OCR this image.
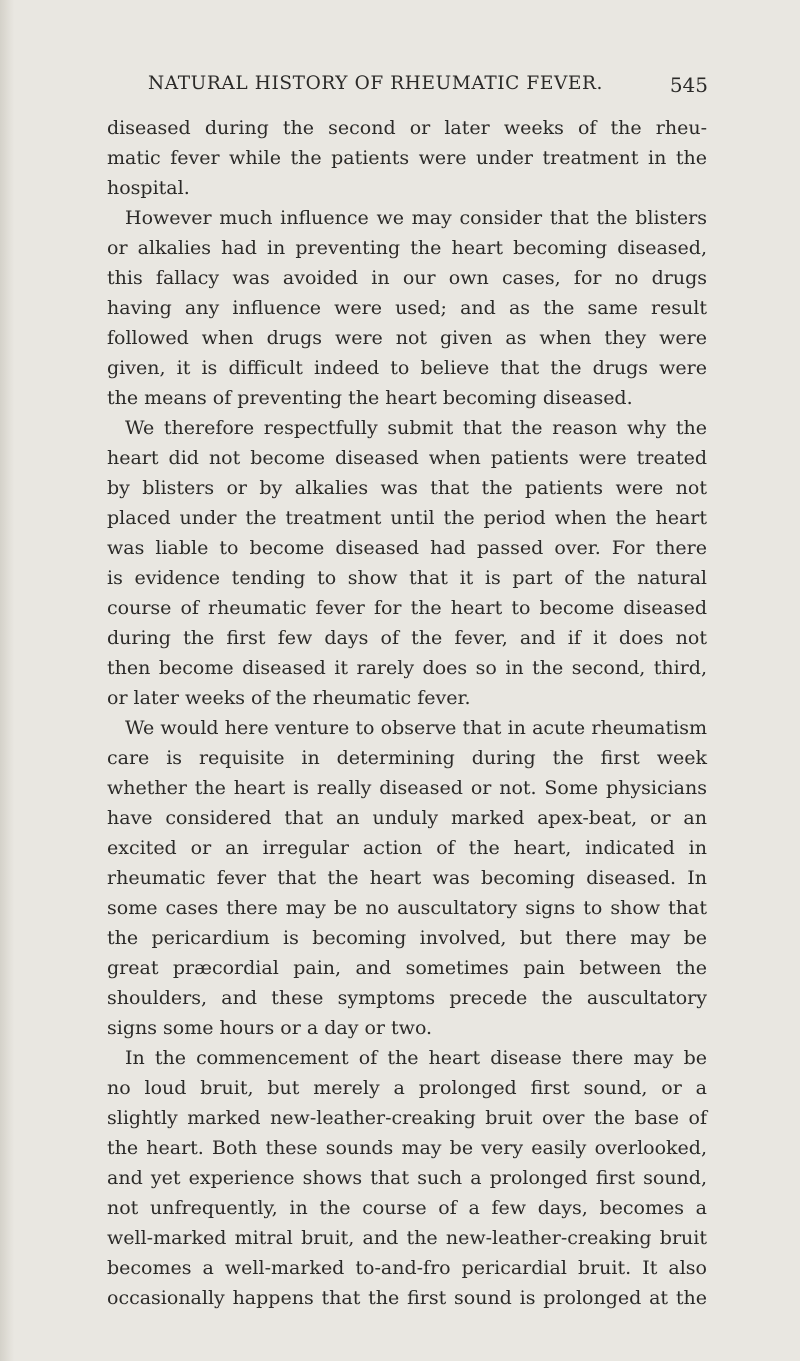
NATURAL HISTORY OF RHEUMATIC FEVER.	545

diseased during the second or later weeks of the rheu-
matic fever while the patients were under treatment in the
hospital.

However much influence we may consider that the blisters
or alkalies had in preventing the heart becoming diseased,
this fallacy was avoided in our own cases, for no drugs
having any influence were used; and as the same result
followed when drugs were not given as when they were
given, it is difficult indeed to believe that the drugs were
the means of preventing the heart becoming diseased.

We therefore respectfully submit that the reason why the
heart did not become diseased when patients were treated
by blisters or by alkalies was that the patients were not
placed under the treatment until the period when the heart
was liable to become diseased had passed over. For there
is evidence tending to show that it is part of the natural
course of rheumatic fever for the heart to become diseased
during the first few days of the fever, and if it does not
then become diseased it rarely does so in the second, third,
or later weeks of the rheumatic fever.

We would here venture to observe that in acute rheumatism
care is requisite in determining during the first week
whether the heart is really diseased or not. Some physicians
have considered that an unduly marked apex-beat, or an
excited or an irregular action of the heart, indicated in
rheumatic fever that the heart was becoming diseased. In
some cases there may be no auscultatory signs to show that
the pericardium is becoming involved, but there may be
great præcordial pain, and sometimes pain between the
shoulders, and these symptoms precede the auscultatory
signs some hours or a day or two.

In the commencement of the heart disease there may be
no loud bruit, but merely a prolonged first sound, or a
slightly marked new-leather-creaking bruit over the base of
the heart. Both these sounds may be very easily overlooked,
and yet experience shows that such a prolonged first sound,
not unfrequently, in the course of a few days, becomes a
well-marked mitral bruit, and the new-leather-creaking bruit
becomes a well-marked to-and-fro pericardial bruit. It also
occasionally happens that the first sound is prolonged at the
